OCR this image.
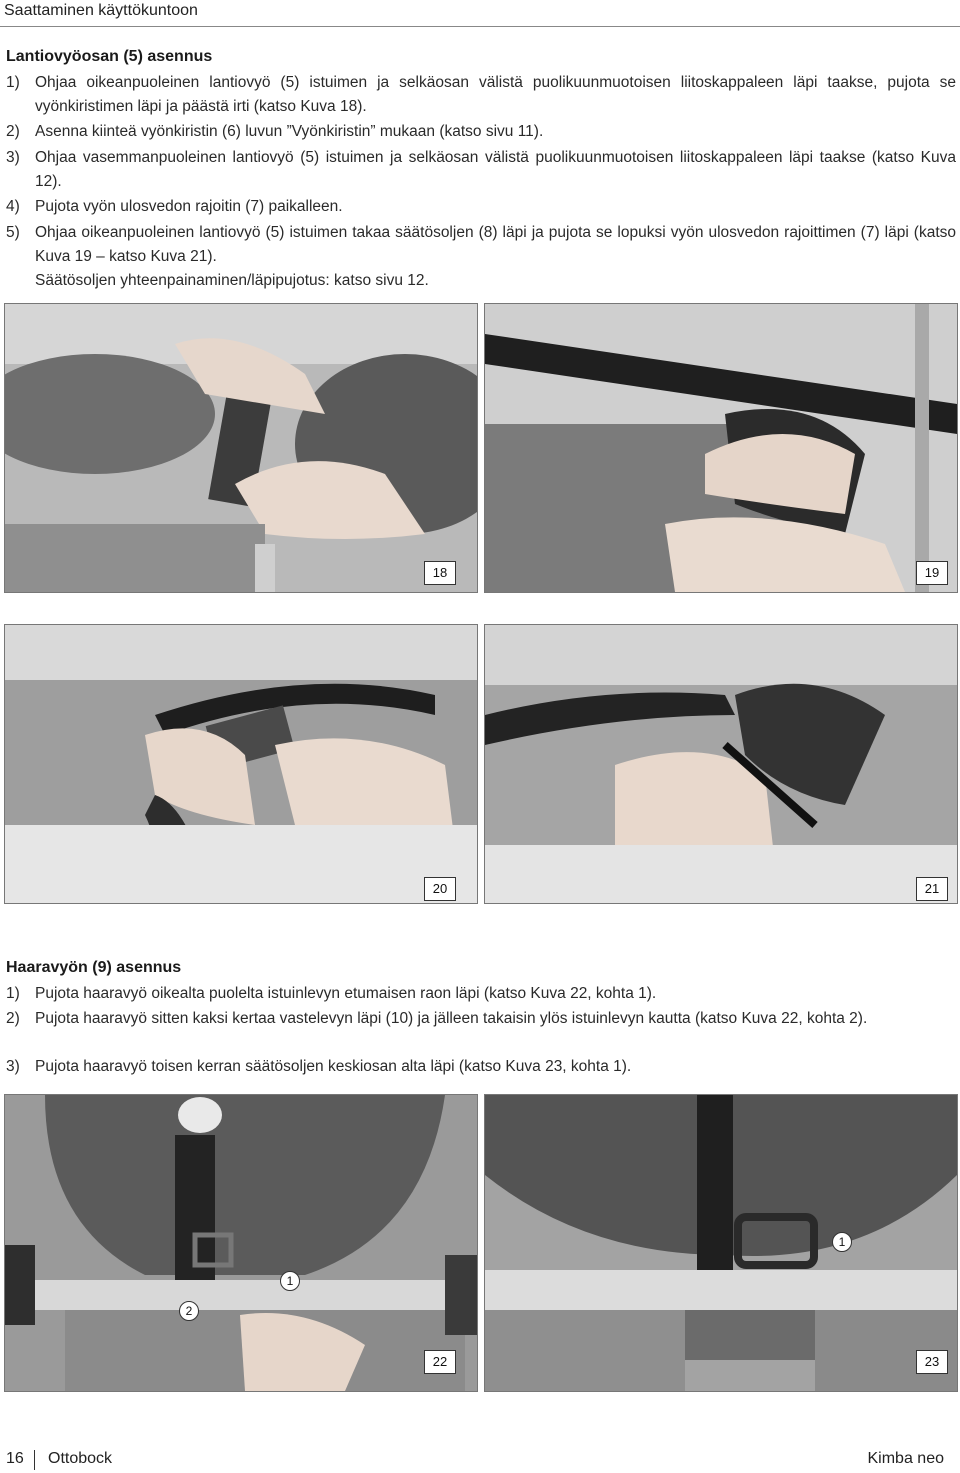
Saattaminen käyttökuntoon
Lantiovyöosan (5) asennus
1) Ohjaa oikeanpuoleinen lantiovyö (5) istuimen ja selkäosan välistä puolikuunmuotoisen liitoskappaleen läpi taakse, pujota se vyönkiristimen läpi ja päästä irti (katso Kuva 18).
2) Asenna kiinteä vyönkiristin (6) luvun ”Vyönkiristin” mukaan (katso sivu 11).
3) Ohjaa vasemmanpuoleinen lantiovyö (5) istuimen ja selkäosan välistä puolikuunmuotoisen liitoskappaleen läpi taakse (katso Kuva 12).
4) Pujota vyön ulosvedon rajoitin (7) paikalleen.
5) Ohjaa oikeanpuoleinen lantiovyö (5) istuimen takaa säätösoljen (8) läpi ja pujota se lopuksi vyön ulosvedon rajoittimen (7) läpi (katso Kuva 19 – katso Kuva 21).
Säätösoljen yhteenpainaminen/läpipujotus: katso sivu 12.
18	19
20	21
Haaravyön (9) asennus
1) Pujota haaravyö oikealta puolelta istuinlevyn etumaisen raon läpi (katso Kuva 22, kohta 1).
2) Pujota haaravyö sitten kaksi kertaa vastelevyn läpi (10) ja jälleen takaisin ylös istuinlevyn kautta (katso Kuva 22, kohta 2).
3) Pujota haaravyö toisen kerran säätösoljen keskiosan alta läpi (katso Kuva 23, kohta 1).
1
2
22
1
23
16 Ottobock	Kimba neo
